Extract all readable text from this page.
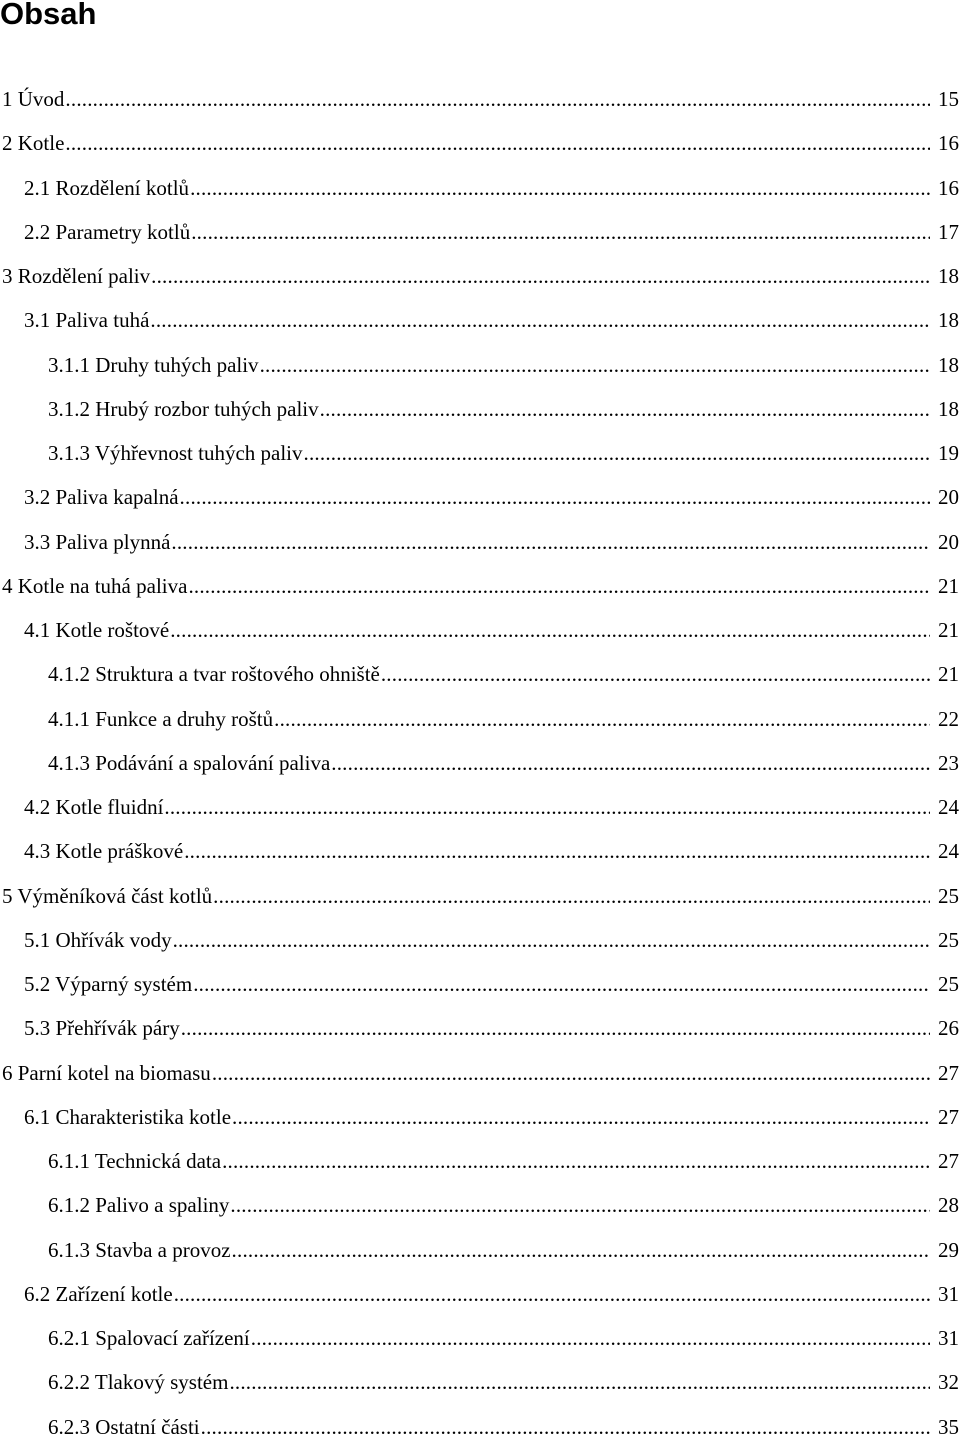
Obsah
1 Úvod .....	15
2 Kotle .....	16
2.1 Rozdělení kotlů .....	16
2.2 Parametry kotlů .....	17
3 Rozdělení paliv .....	18
3.1 Paliva tuhá .....	18
3.1.1 Druhy tuhých paliv .....	18
3.1.2 Hrubý rozbor tuhých paliv .....	18
3.1.3 Výhřevnost tuhých paliv .....	19
3.2 Paliva kapalná .....	20
3.3 Paliva plynná .....	20
4 Kotle na tuhá paliva .....	21
4.1 Kotle roštové .....	21
4.1.2 Struktura a tvar roštového ohniště .....	21
4.1.1 Funkce a druhy roštů .....	22
4.1.3 Podávání a spalování paliva .....	23
4.2 Kotle fluidní .....	24
4.3 Kotle práškové .....	24
5 Výměníková část kotlů .....	25
5.1 Ohřívák vody .....	25
5.2 Výparný systém .....	25
5.3 Přehřívák páry .....	26
6 Parní kotel na biomasu .....	27
6.1 Charakteristika kotle .....	27
6.1.1 Technická data .....	27
6.1.2 Palivo a spaliny .....	28
6.1.3 Stavba a provoz .....	29
6.2 Zařízení kotle .....	31
6.2.1 Spalovací zařízení .....	31
6.2.2 Tlakový systém .....	32
6.2.3 Ostatní části .....	35
